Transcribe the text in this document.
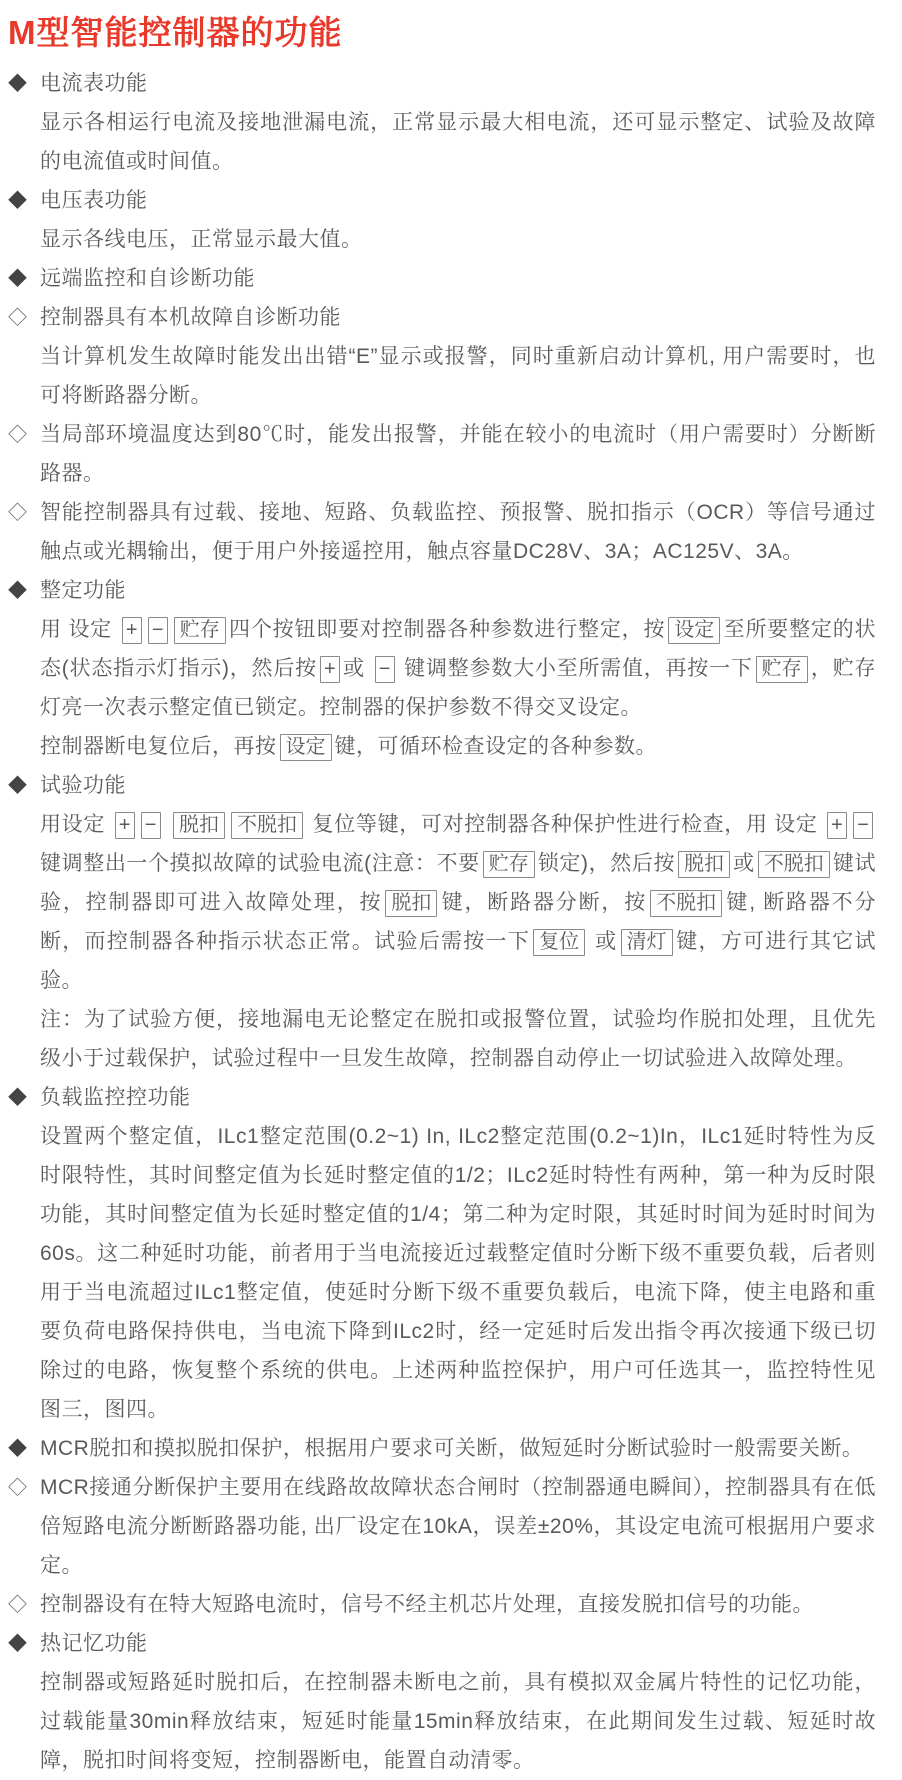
M型智能控制器的功能
◆ 电流表功能
显示各相运行电流及接地泄漏电流，正常显示最大相电流，还可显示整定、试验及故障的电流值或时间值。
◆ 电压表功能
显示各线电压，正常显示最大值。
◆ 远端监控和自诊断功能
◇ 控制器具有本机故障自诊断功能
当计算机发生故障时能发出出错“E”显示或报警，同时重新启动计算机, 用户需要时，也可将断路器分断。
◇ 当局部环境温度达到80℃时，能发出报警，并能在较小的电流时（用户需要时）分断断路器。
◇ 智能控制器具有过载、接地、短路、负载监控、预报警、脱扣指示（OCR）等信号通过触点或光耦输出，便于用户外接遥控用，触点容量DC28V、3A；AC125V、3A。
◆ 整定功能
用 设定 + − 贮存 四个按钮即要对控制器各种参数进行整定，按 设定 至所要整定的状态(状态指示灯指示)，然后按 + 或 − 键调整参数大小至所需值，再按一下 贮存 ，贮存灯亮一次表示整定值已锁定。控制器的保护参数不得交叉设定。
控制器断电复位后，再按 设定 键，可循环检查设定的各种参数。
◆ 试验功能
用设定 + − 脱扣 不脱扣 复位等键，可对控制器各种保护性进行检查，用 设定 + − 键调整出一个摸拟故障的试验电流(注意：不要 贮存 锁定)，然后按 脱扣 或 不脱扣 键试验，控制器即可进入故障处理，按 脱扣 键，断路器分断，按 不脱扣 键, 断路器不分断，而控制器各种指示状态正常。试验后需按一下 复位 或 清灯 键，方可进行其它试验。
注：为了试验方便，接地漏电无论整定在脱扣或报警位置，试验均作脱扣处理，且优先级小于过载保护，试验过程中一旦发生故障，控制器自动停止一切试验进入故障处理。
◆ 负载监控控功能
设置两个整定值，ILc1整定范围(0.2~1) In, ILc2整定范围(0.2~1)In，ILc1延时特性为反时限特性，其时间整定值为长延时整定值的1/2；ILc2延时特性有两种，第一种为反时限功能，其时间整定值为长延时整定值的1/4；第二种为定时限，其延时时间为延时时间为60s。这二种延时功能，前者用于当电流接近过载整定值时分断下级不重要负载，后者则用于当电流超过ILc1整定值，使延时分断下级不重要负载后，电流下降，使主电路和重要负荷电路保持供电，当电流下降到ILc2时，经一定延时后发出指令再次接通下级已切除过的电路，恢复整个系统的供电。上述两种监控保护，用户可任选其一，监控特性见图三，图四。
◆ MCR脱扣和摸拟脱扣保护，根据用户要求可关断，做短延时分断试验时一般需要关断。
◇ MCR接通分断保护主要用在线路故故障状态合闸时（控制器通电瞬间），控制器具有在低倍短路电流分断断路器功能, 出厂设定在10kA，误差±20%，其设定电流可根据用户要求定。
◇ 控制器设有在特大短路电流时，信号不经主机芯片处理，直接发脱扣信号的功能。
◆ 热记忆功能
控制器或短路延时脱扣后，在控制器未断电之前，具有模拟双金属片特性的记忆功能，过载能量30min释放结束，短延时能量15min释放结束，在此期间发生过载、短延时故障，脱扣时间将变短，控制器断电，能置自动清零。
